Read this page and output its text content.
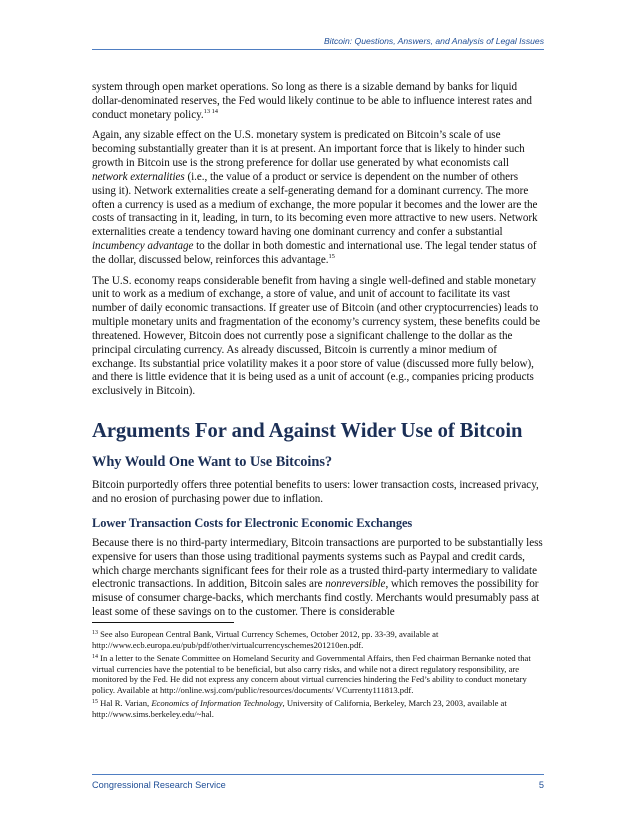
Bitcoin: Questions, Answers, and Analysis of Legal Issues

system through open market operations. So long as there is a sizable demand by banks for liquid dollar-denominated reserves, the Fed would likely continue to be able to influence interest rates and conduct monetary policy.$^{13 14}$

Again, any sizable effect on the U.S. monetary system is predicated on Bitcoin’s scale of use becoming substantially greater than it is at present. An important force that is likely to hinder such growth in Bitcoin use is the strong preference for dollar use generated by what economists call network externalities (i.e., the value of a product or service is dependent on the number of others using it). Network externalities create a self-generating demand for a dominant currency. The more often a currency is used as a medium of exchange, the more popular it becomes and the lower are the costs of transacting in it, leading, in turn, to its becoming even more attractive to new users. Network externalities create a tendency toward having one dominant currency and confer a substantial incumbency advantage to the dollar in both domestic and international use. The legal tender status of the dollar, discussed below, reinforces this advantage.$^{15}$

The U.S. economy reaps considerable benefit from having a single well-defined and stable monetary unit to work as a medium of exchange, a store of value, and unit of account to facilitate its vast number of daily economic transactions. If greater use of Bitcoin (and other cryptocurrencies) leads to multiple monetary units and fragmentation of the economy’s currency system, these benefits could be threatened. However, Bitcoin does not currently pose a significant challenge to the dollar as the principal circulating currency. As already discussed, Bitcoin is currently a minor medium of exchange. Its substantial price volatility makes it a poor store of value (discussed more fully below), and there is little evidence that it is being used as a unit of account (e.g., companies pricing products exclusively in Bitcoin).

Arguments For and Against Wider Use of Bitcoin
Why Would One Want to Use Bitcoins?

Bitcoin purportedly offers three potential benefits to users: lower transaction costs, increased privacy, and no erosion of purchasing power due to inflation.

Lower Transaction Costs for Electronic Economic Exchanges

Because there is no third-party intermediary, Bitcoin transactions are purported to be substantially less expensive for users than those using traditional payments systems such as Paypal and credit cards, which charge merchants significant fees for their role as a trusted third-party intermediary to validate electronic transactions. In addition, Bitcoin sales are nonreversible, which removes the possibility for misuse of consumer charge-backs, which merchants find costly. Merchants would presumably pass at least some of these savings on to the customer. There is considerable

$^{13}$ See also European Central Bank, Virtual Currency Schemes, October 2012, pp. 33-39, available at http://www.ecb.europa.eu/pub/pdf/other/virtualcurrencyschemes201210en.pdf.

$^{14}$ In a letter to the Senate Committee on Homeland Security and Governmental Affairs, then Fed chairman Bernanke noted that virtual currencies have the potential to be beneficial, but also carry risks, and while not a direct regulatory responsibility, are monitored by the Fed. He did not express any concern about virtual currencies hindering the Fed’s ability to conduct monetary policy. Available at http://online.wsj.com/public/resources/documents/ VCurrenty111813.pdf.

$^{15}$ Hal R. Varian, Economics of Information Technology, University of California, Berkeley, March 23, 2003, available at http://www.sims.berkeley.edu/~hal.

Congressional Research Service	5
